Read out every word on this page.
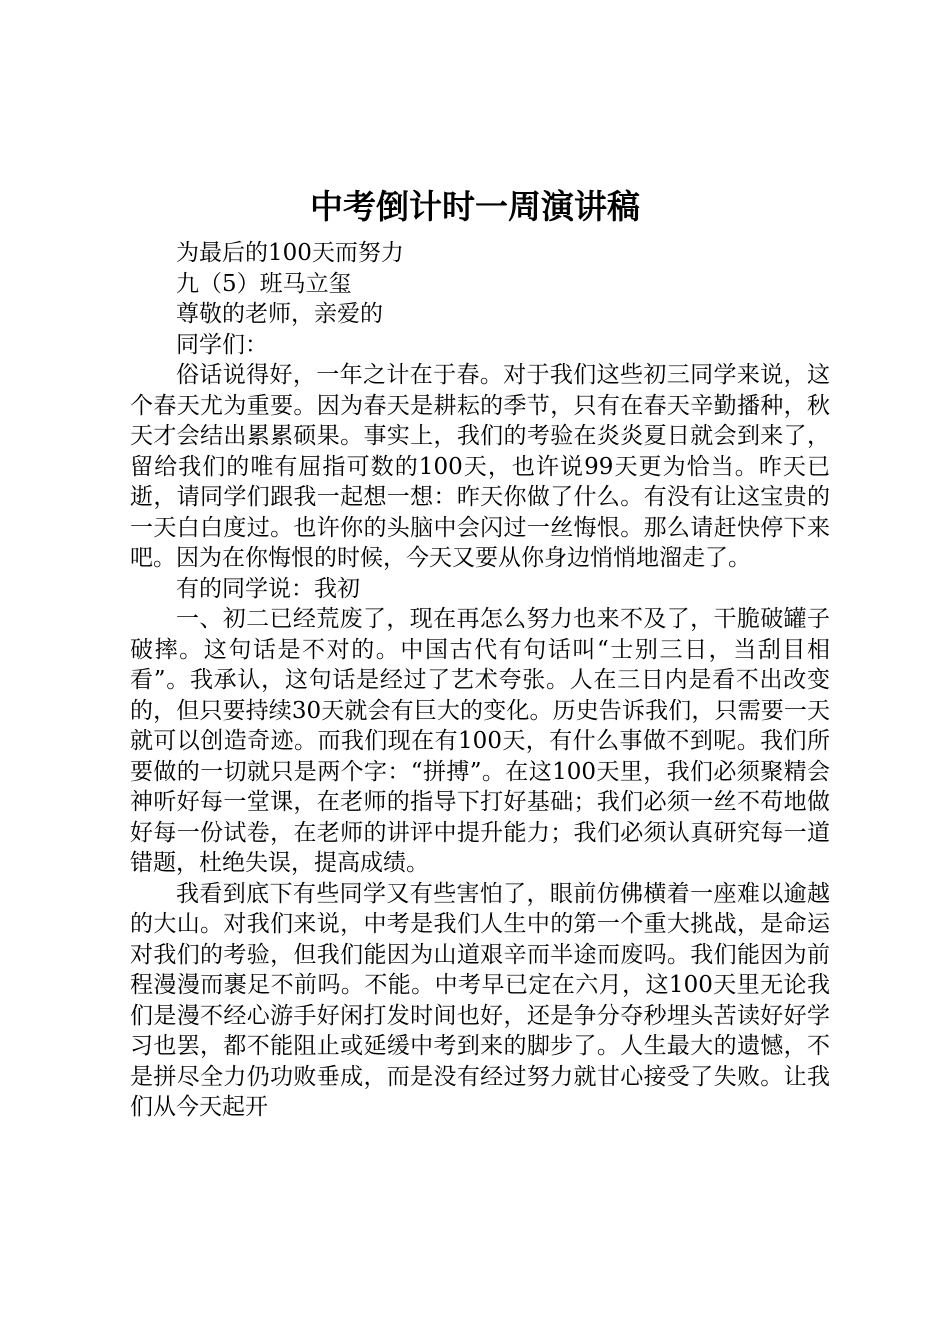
中考倒计时一周演讲稿

为最后的100天而努力

九（5）班马立玺

尊敬的老师，亲爱的

同学们：

俗话说得好，一年之计在于春。对于我们这些初三同学来说，这个春天尤为重要。因为春天是耕耘的季节，只有在春天辛勤播种，秋天才会结出累累硕果。事实上，我们的考验在炎炎夏日就会到来了，留给我们的唯有屈指可数的100天，也许说99天更为恰当。昨天已逝，请同学们跟我一起想一想：昨天你做了什么。有没有让这宝贵的一天白白度过。也许你的头脑中会闪过一丝悔恨。那么请赶快停下来吧。因为在你悔恨的时候，今天又要从你身边悄悄地溜走了。

有的同学说：我初

一、初二已经荒废了，现在再怎么努力也来不及了，干脆破罐子破摔。这句话是不对的。中国古代有句话叫“士别三日，当刮目相看”。我承认，这句话是经过了艺术夸张。人在三日内是看不出改变的，但只要持续30天就会有巨大的变化。历史告诉我们，只需要一天就可以创造奇迹。而我们现在有100天，有什么事做不到呢。我们所要做的一切就只是两个字：“拼搏”。在这100天里，我们必须聚精会神听好每一堂课，在老师的指导下打好基础；我们必须一丝不苟地做好每一份试卷，在老师的讲评中提升能力；我们必须认真研究每一道错题，杜绝失误，提高成绩。

我看到底下有些同学又有些害怕了，眼前仿佛横着一座难以逾越的大山。对我们来说，中考是我们人生中的第一个重大挑战，是命运对我们的考验，但我们能因为山道艰辛而半途而废吗。我们能因为前程漫漫而裹足不前吗。不能。中考早已定在六月，这100天里无论我们是漫不经心游手好闲打发时间也好，还是争分夺秒埋头苦读好好学习也罢，都不能阻止或延缓中考到来的脚步了。人生最大的遗憾，不是拼尽全力仍功败垂成，而是没有经过努力就甘心接受了失败。让我们从今天起开
